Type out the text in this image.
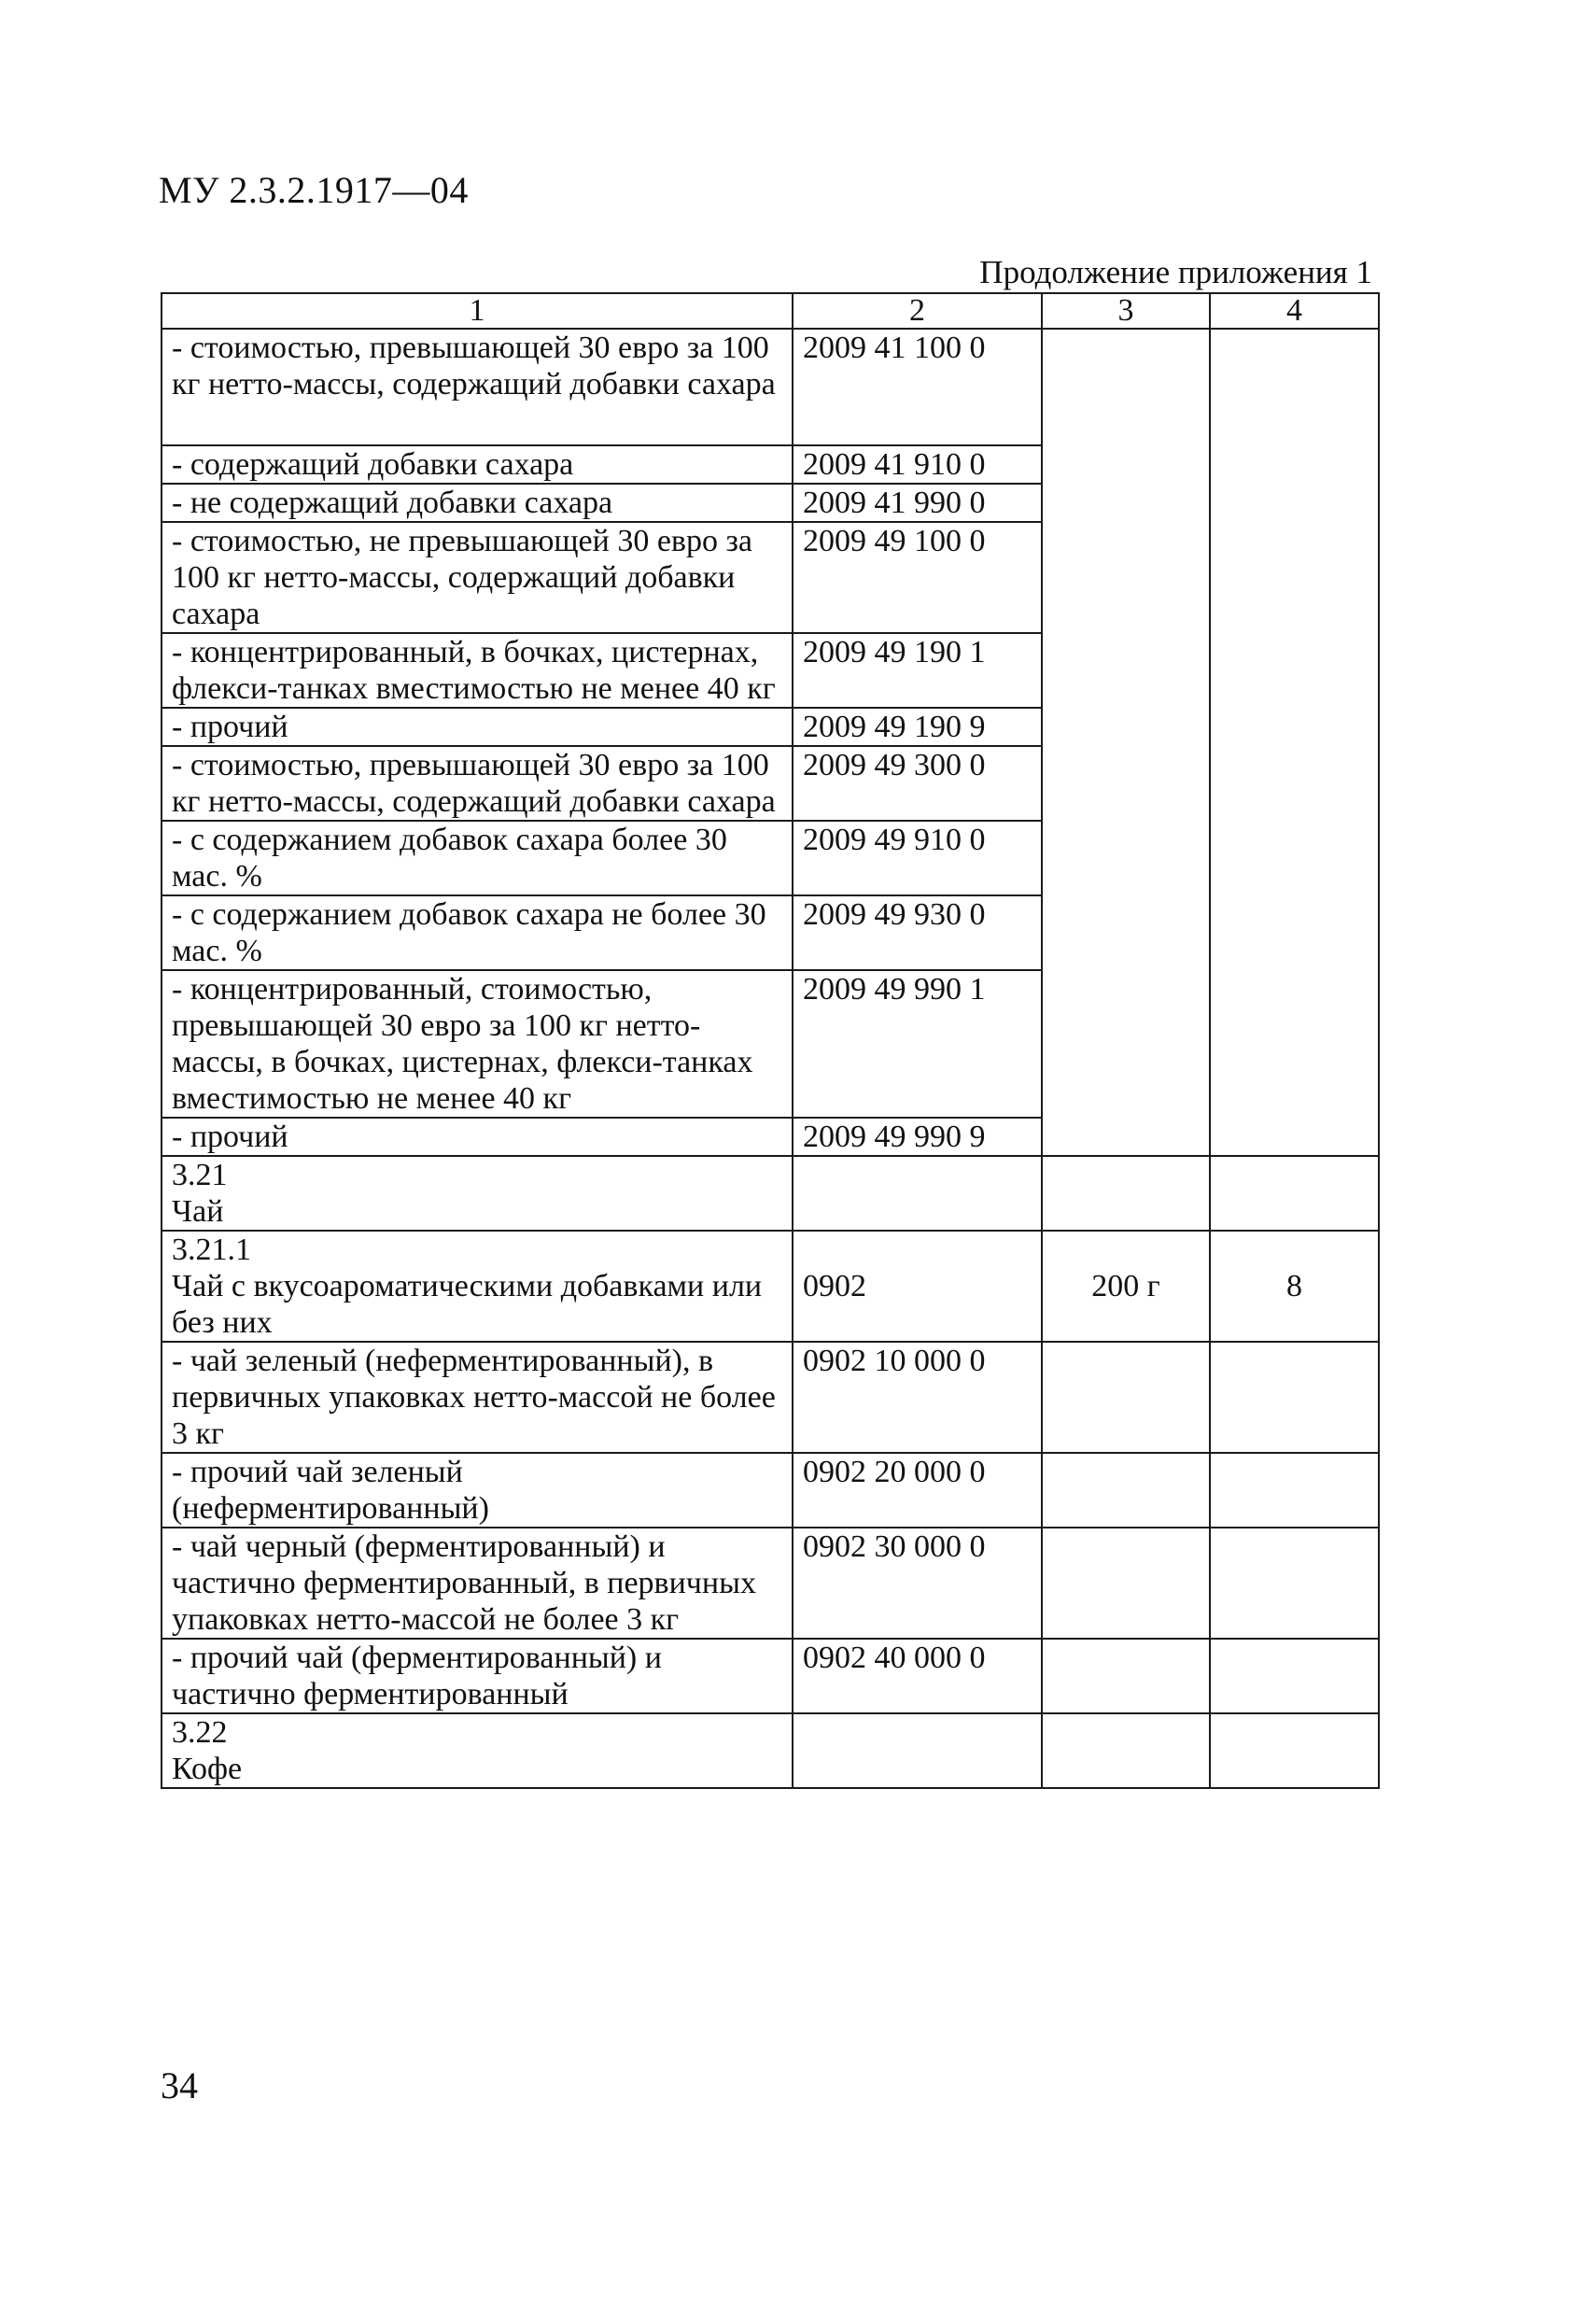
МУ 2.3.2.1917—04
Продолжение приложения 1
1	2	3	4
- стоимостью, превышающей 30 евро за 100 кг нетто-массы, содержащий добавки сахара	2009 41 100 0		
- содержащий добавки сахара	2009 41 910 0		
- не содержащий добавки сахара	2009 41 990 0		
- стоимостью, не превышающей 30 евро за 100 кг нетто-массы, содержащий добавки сахара	2009 49 100 0		
- концентрированный, в бочках, цистернах, флекси-танках вместимостью не менее 40 кг	2009 49 190 1		
- прочий	2009 49 190 9		
- стоимостью, превышающей 30 евро за 100 кг нетто-массы, содержащий добавки сахара	2009 49 300 0		
- с содержанием добавок сахара более 30 мас. %	2009 49 910 0		
- с содержанием добавок сахара не более 30 мас. %	2009 49 930 0		
- концентрированный, стоимостью, превышающей 30 евро за 100 кг нетто-массы, в бочках, цистернах, флекси-танках вместимостью не менее 40 кг	2009 49 990 1		
- прочий	2009 49 990 9		

3.21
Чай			

3.21.1
Чай с вкусоароматическими добавками или без них	0902	200 г	8
- чай зеленый (неферментированный), в первичных упаковках нетто-массой не более 3 кг	0902 10 000 0		
- прочий чай зеленый (неферментированный)	0902 20 000 0		
- чай черный (ферментированный) и частично ферментированный, в первичных упаковках нетто-массой не более 3 кг	0902 30 000 0		
- прочий чай (ферментированный) и частично ферментированный	0902 40 000 0		

3.22
Кофе			

34
